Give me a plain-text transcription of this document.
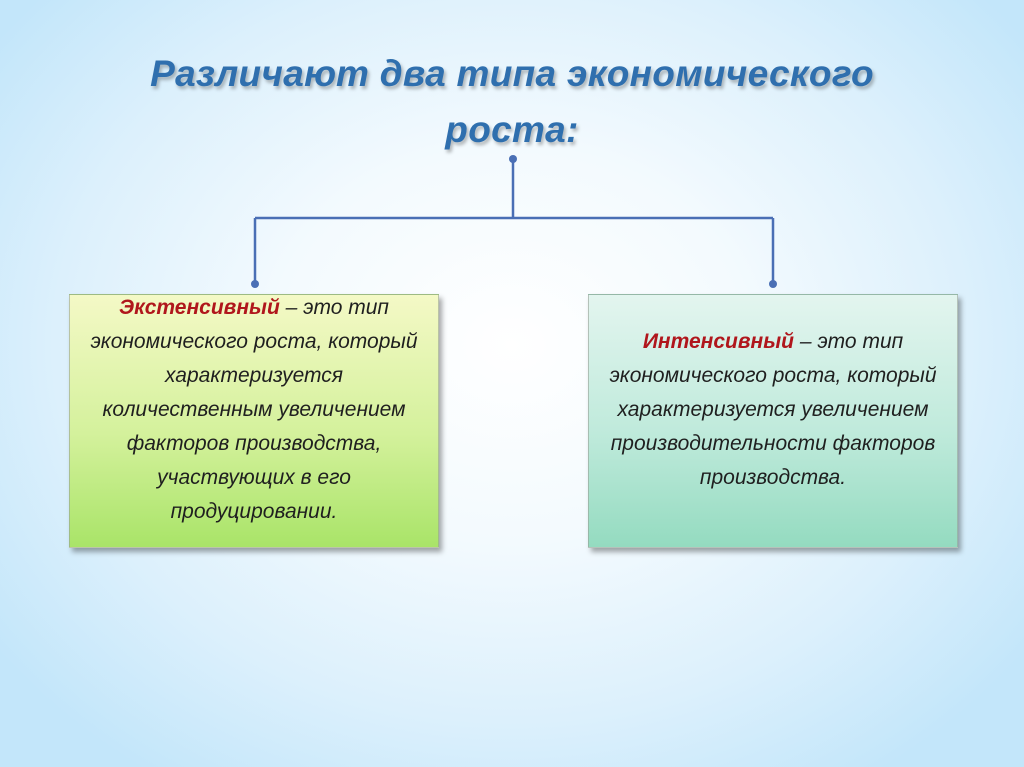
Различают два типа экономического
роста:
Экстенсивный – это тип экономического роста, который характеризуется количественным увеличением факторов производства, участвующих в его продуцировании.
Интенсивный – это тип экономического роста, который характеризуется увеличением производительности факторов производства.
